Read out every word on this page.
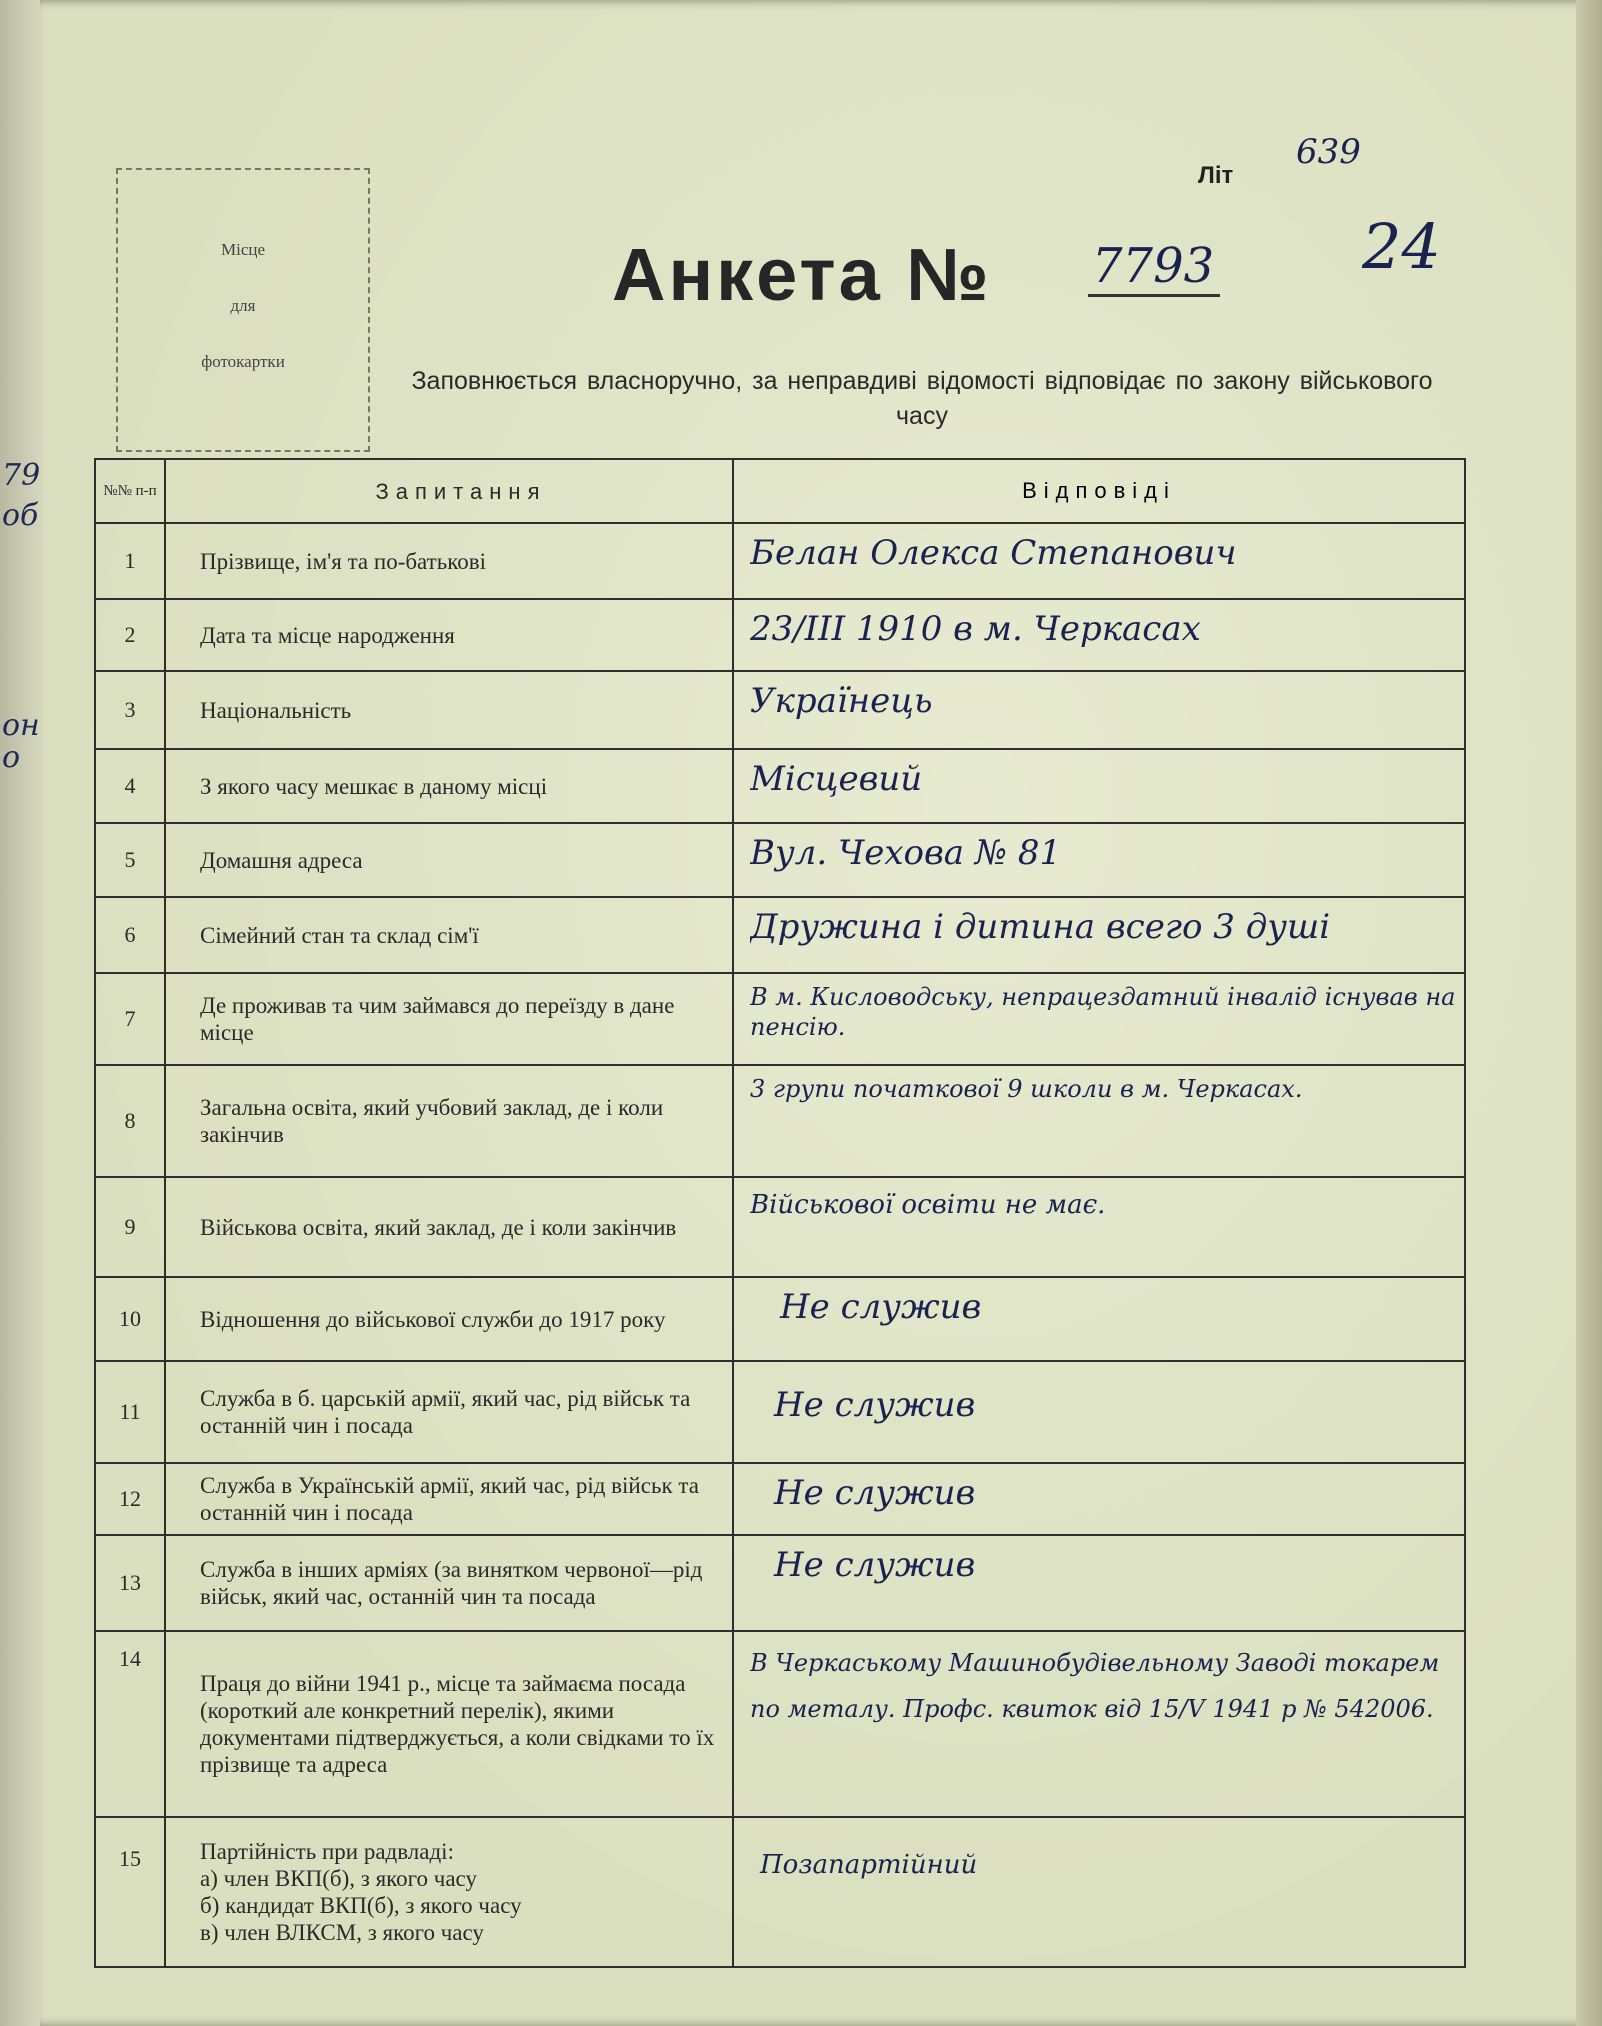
79
об
он
о
Місце
для
фотокартки
Літ
639
24
Анкета № 7793
Заповнюється власноручно, за неправдиві відомості відповідає по закону військового часу
№№ п-п	Запитання	Відповіді
1	Прізвище, ім'я та по-батькові	Белан Олекса Степанович

2	Дата та місце народження	23/III 1910 в м. Черкасах

3	Національність	Українець

4	З якого часу мешкає в даному місці	Місцевий

5	Домашня адреса	Вул. Чехова № 81

6	Сімейний стан та склад сім'ї	Дружина і дитина всего 3 душі

7	Де проживав та чим займався до переїзду в дане місце	В м. Кисловодську, непрацездатний інвалід існував на пенсію.

8	Загальна освіта, який учбовий заклад, де і коли закінчив	3 групи початкової 9 школи в м. Черкасах.

9	Військова освіта, який заклад, де і коли закінчив	Військової освіти не має.

10	Відношення до військової служби до 1917 року	Не служив

11	Служба в б. царській армії, який час, рід військ та останній чин і посада	Не служив

12	Служба в Українській армії, який час, рід військ та останній чин і посада	Не служив

13	Служба в інших арміях (за винятком червоної—рід військ, який час, останній чин та посада	Не служив

14	Праця до війни 1941 р., місце та займаєма посада (короткий але конкретний перелік), якими документами підтверджується, а коли свідками то їх прізвище та адреса	В Черкаському Машинобудівельному Заводі токарем по металу. Профс. квиток від 15/V 1941 р № 542006.

15	Партійність при радвладі:
а) член ВКП(б), з якого часу
б) кандидат ВКП(б), з якого часу
в) член ВЛКСМ, з якого часу	Позапартійний
